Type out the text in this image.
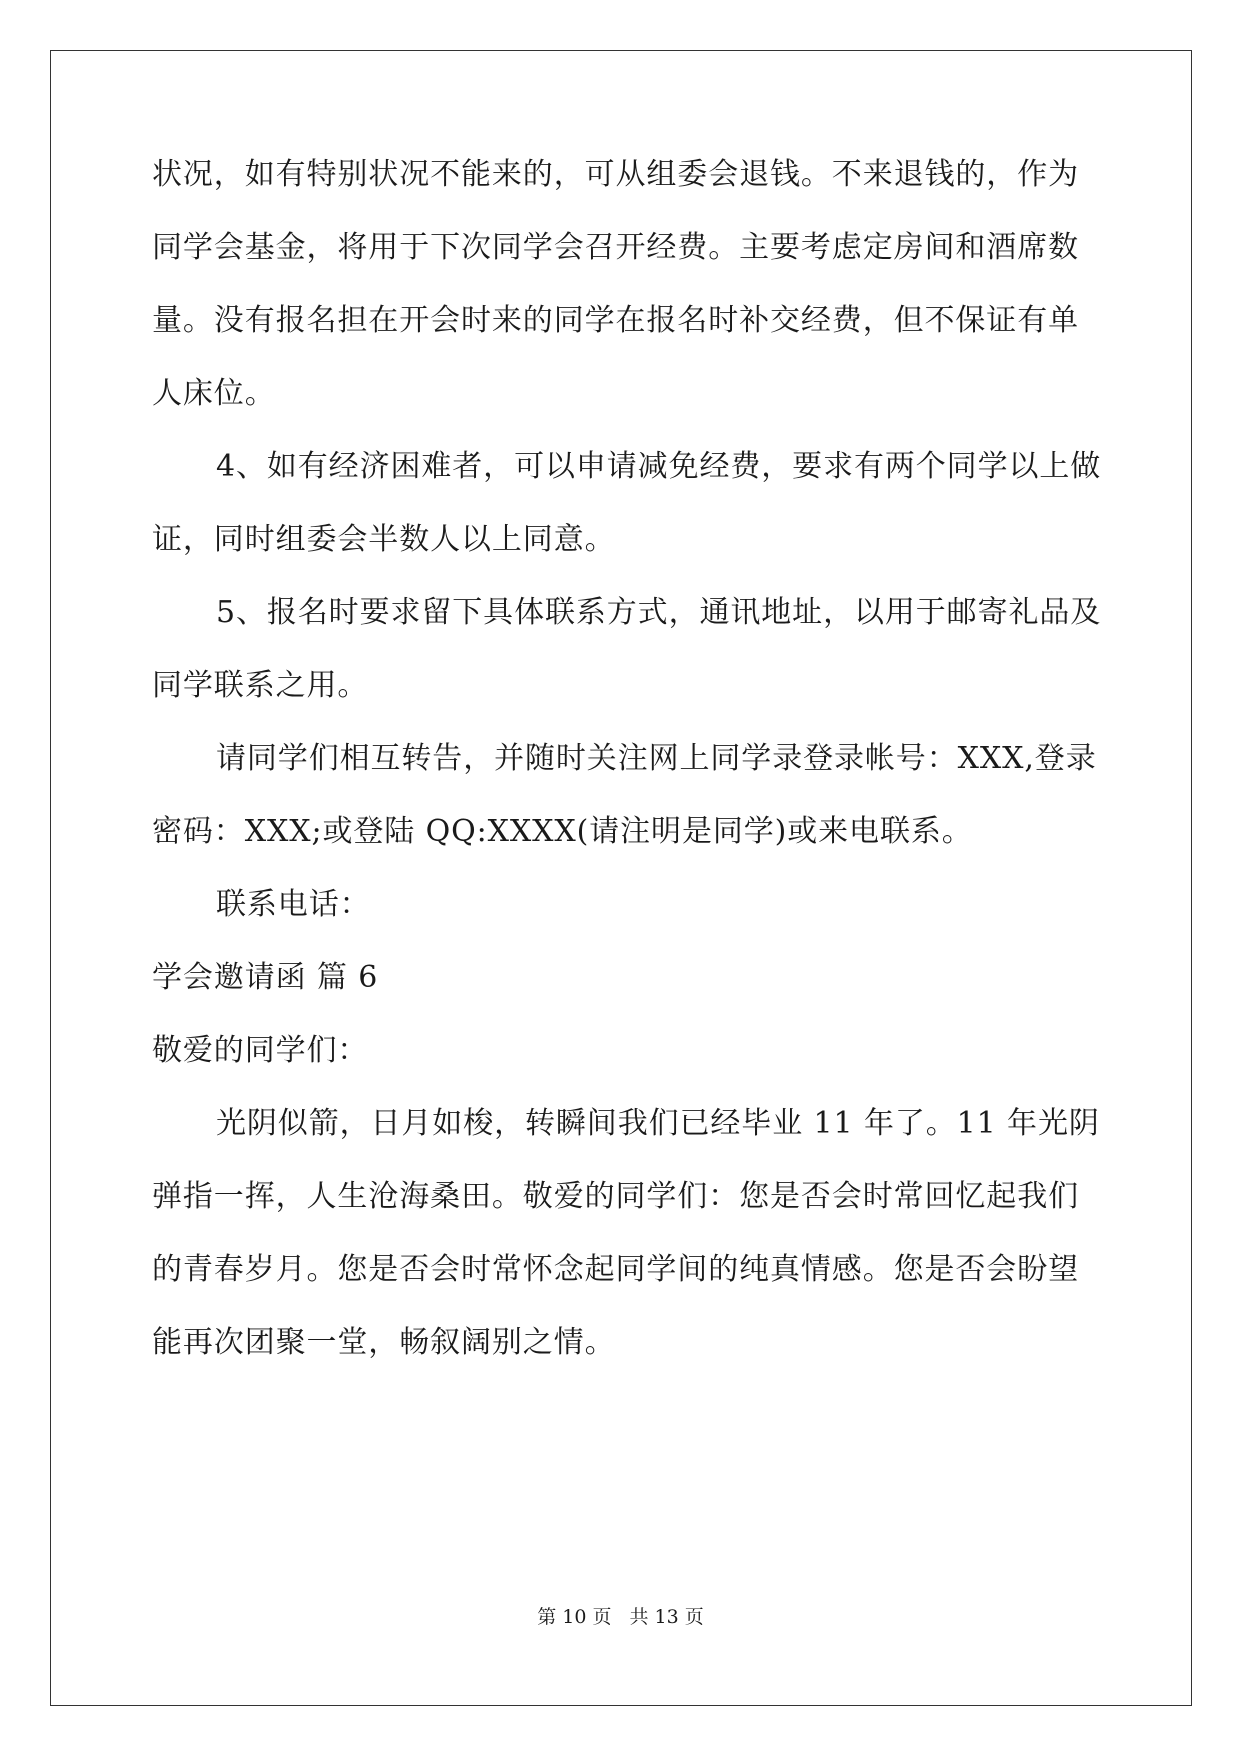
状况，如有特别状况不能来的，可从组委会退钱。不来退钱的，作为
同学会基金，将用于下次同学会召开经费。主要考虑定房间和酒席数
量。没有报名担在开会时来的同学在报名时补交经费，但不保证有单
人床位。
4、如有经济困难者，可以申请减免经费，要求有两个同学以上做
证，同时组委会半数人以上同意。
5、报名时要求留下具体联系方式，通讯地址，以用于邮寄礼品及
同学联系之用。
请同学们相互转告，并随时关注网上同学录登录帐号：XXX,登录
密码：XXX;或登陆 QQ:XXXX(请注明是同学)或来电联系。
联系电话：
学会邀请函 篇 6
敬爱的同学们：
光阴似箭，日月如梭，转瞬间我们已经毕业 11 年了。11 年光阴
弹指一挥，人生沧海桑田。敬爱的同学们：您是否会时常回忆起我们
的青春岁月。您是否会时常怀念起同学间的纯真情感。您是否会盼望
能再次团聚一堂，畅叙阔别之情。
第 10 页 共 13 页
